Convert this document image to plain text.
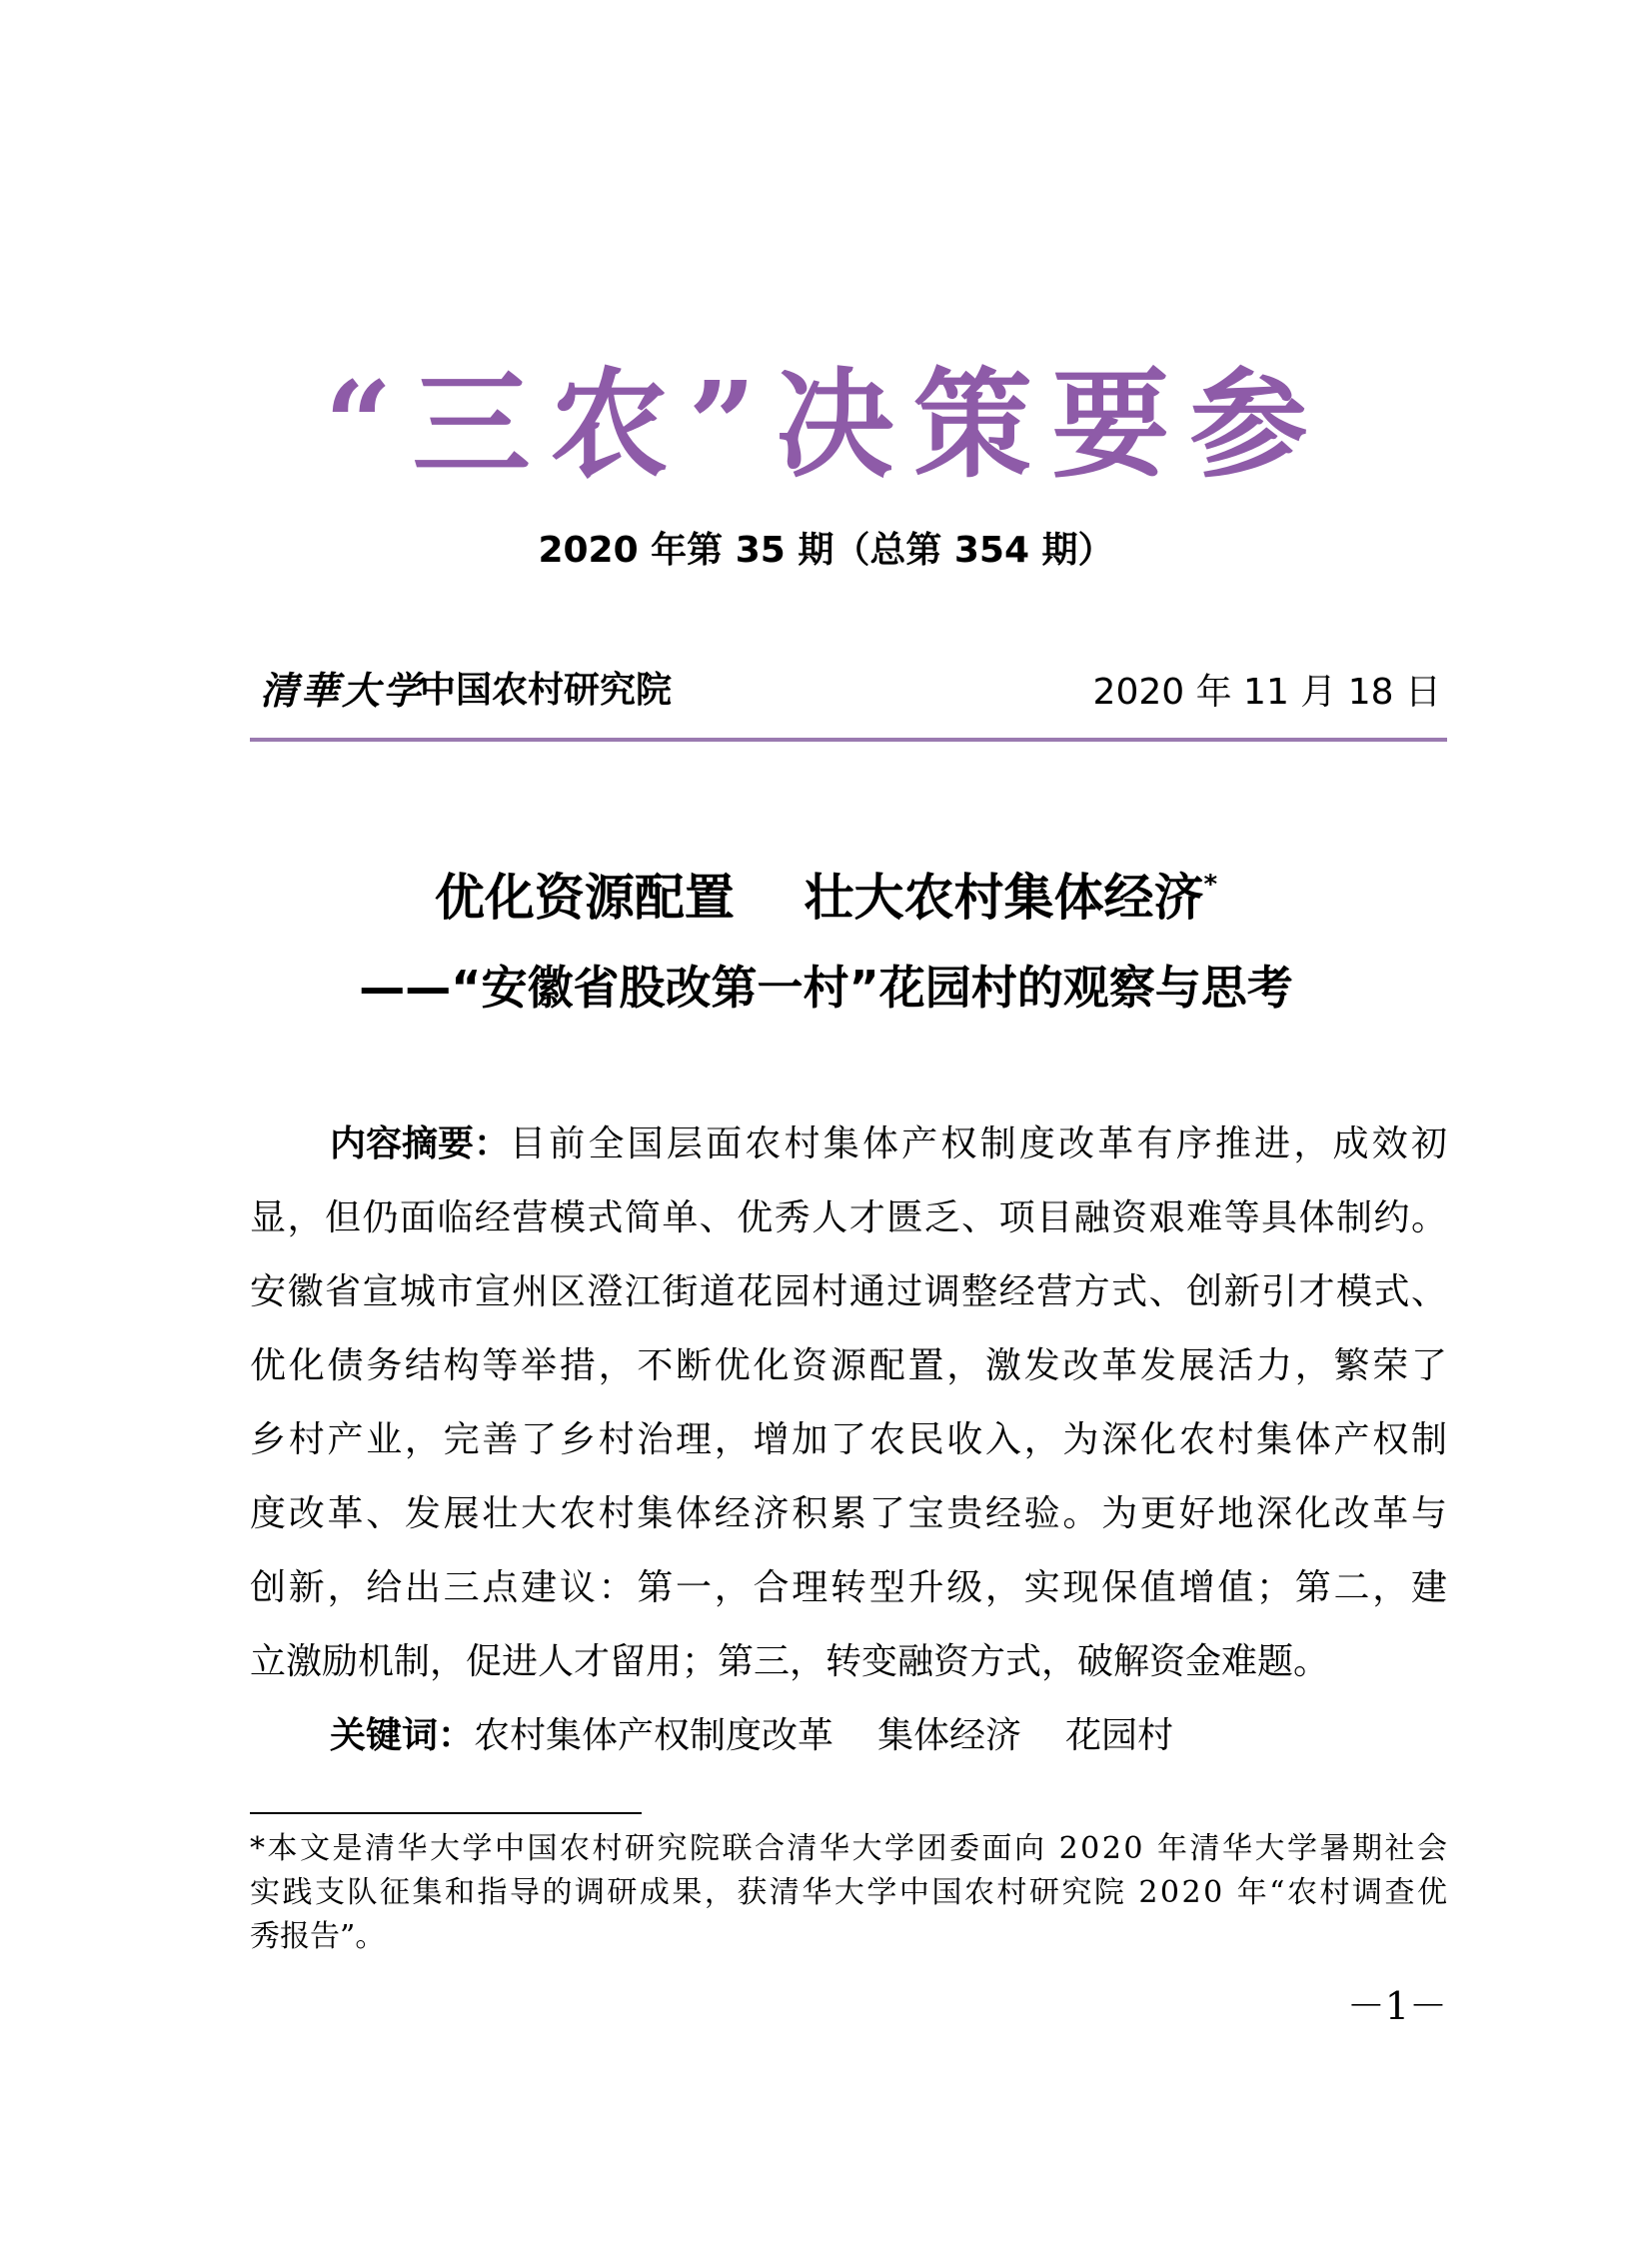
“三农”决策要参
2020 年第 35 期（总第 354 期）
清華大学
中国农村研究院	2020 年 11 月 18 日
优化资源配置    壮大农村集体经济*
——“安徽省股改第一村”花园村的观察与思考
内容摘要： 目前全国层面农村集体产权制度改革有序推进，成效初
显，但仍面临经营模式简单、优秀人才匮乏、项目融资艰难等具体制约。
安徽省宣城市宣州区澄江街道花园村通过调整经营方式、创新引才模式、
优化债务结构等举措，不断优化资源配置，激发改革发展活力，繁荣了
乡村产业，完善了乡村治理，增加了农民收入，为深化农村集体产权制
度改革、发展壮大农村集体经济积累了宝贵经验。为更好地深化改革与
创新，给出三点建议：第一，合理转型升级，实现保值增值；第二，建
立激励机制，促进人才留用；第三，转变融资方式，破解资金难题。
关键词： 农村集体产权制度改革 集体经济 花园村
*本文是清华大学中国农村研究院联合清华大学团委面向 2020 年清华大学暑期社会
实践支队征集和指导的调研成果，获清华大学中国农村研究院 2020 年“农村调查优
秀报告”。
－1－
